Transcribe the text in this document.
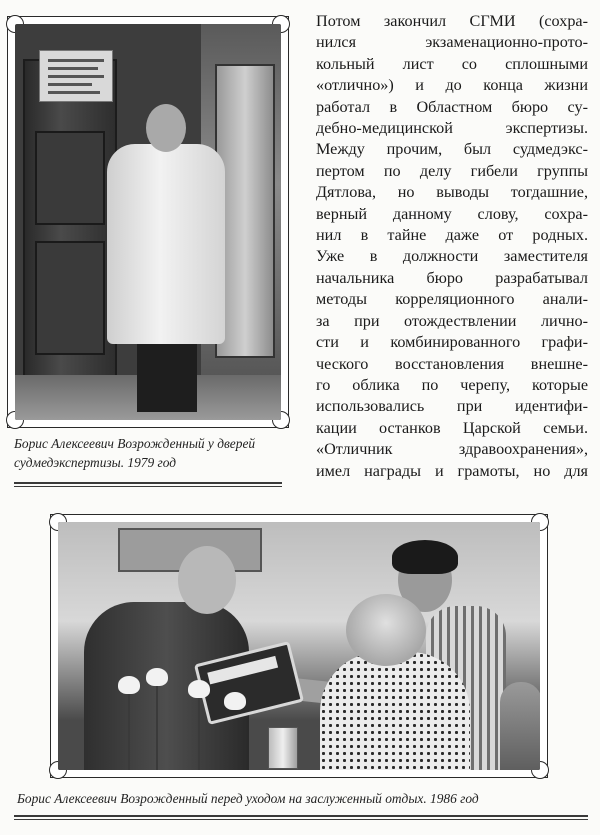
Борис Алексеевич Возрожденный у дверей
судмедэкспертизы. 1979 год
Потом закончил СГМИ (сохра-
нился экзаменационно-прото-
кольный лист со сплошными
«отлично») и до конца жизни
работал в Областном бюро су-
дебно-медицинской экспертизы.
Между прочим, был судмедэкс-
пертом по делу гибели группы
Дятлова, но выводы тогдашние,
верный данному слову, сохра-
нил в тайне даже от родных.
Уже в должности заместителя
начальника бюро разрабатывал
методы корреляционного анали-
за при отождествлении лично-
сти и комбинированного графи-
ческого восстановления внешне-
го облика по черепу, которые
использовались при идентифи-
кации останков Царской семьи.
«Отличник здравоохранения»,
имел награды и грамоты, но для
Борис Алексеевич Возрожденный перед уходом на заслуженный отдых. 1986 год
